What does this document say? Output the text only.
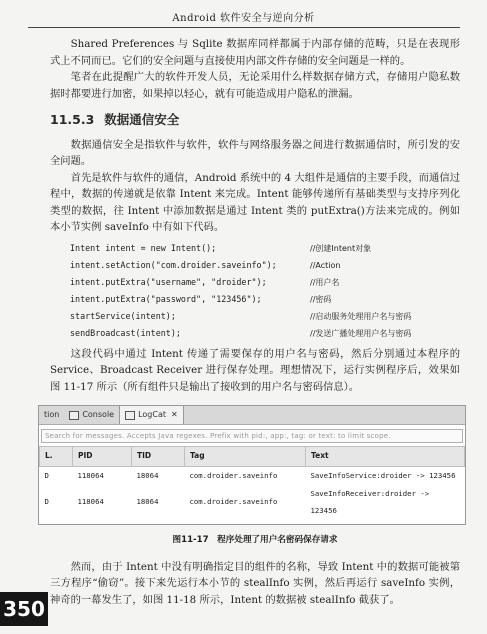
Android 软件安全与逆向分析

Shared Preferences 与 Sqlite 数据库同样都属于内部存储的范畴，只是在表现形式上不同而已。它们的安全问题与直接使用内部文件存储的安全问题是一样的。

笔者在此提醒广大的软件开发人员，无论采用什么样数据存储方式，存储用户隐私数据时都要进行加密，如果掉以轻心，就有可能造成用户隐私的泄漏。

11.5.3 数据通信安全

数据通信安全是指软件与软件，软件与网络服务器之间进行数据通信时，所引发的安全问题。

首先是软件与软件的通信，Android 系统中的 4 大组件是通信的主要手段，而通信过程中，数据的传递就是依靠 Intent 来完成。Intent 能够传递所有基础类型与支持序列化类型的数据，往 Intent 中添加数据是通过 Intent 类的 putExtra()方法来完成的。例如本小节实例 saveInfo 中有如下代码。

Intent intent = new Intent();	//创建Intent对象
intent.setAction("com.droider.saveinfo");	//Action
intent.putExtra("username", "droider");	//用户名
intent.putExtra("password", "123456");	//密码
startService(intent);	//启动服务处理用户名与密码
sendBroadcast(intent);	//发送广播处理用户名与密码

这段代码中通过 Intent 传递了需要保存的用户名与密码，然后分别通过本程序的 Service、Broadcast Receiver 进行保存处理。理想情况下，运行实例程序后，效果如图 11-17 所示（所有组件只是输出了接收到的用户名与密码信息）。

tion	Console	LogCat ✕
Search for messages. Accepts Java regexes. Prefix with pid:, app:, tag: or text: to limit scope.
L.	PID	TID	Tag	Text
D	118064	18064	com.droider.saveinfo	SaveInfoService:droider -> 123456
D	118064	18064	com.droider.saveinfo	SaveInfoReceiver:droider -> 123456
图11-17　程序处理了用户名密码保存请求

然而，由于 Intent 中没有明确指定目的组件的名称，导致 Intent 中的数据可能被第三方程序“偷窃”。接下来先运行本小节的 stealInfo 实例，然后再运行 saveInfo 实例，神奇的一幕发生了，如图 11-18 所示，Intent 的数据被 stealInfo 截获了。

350
